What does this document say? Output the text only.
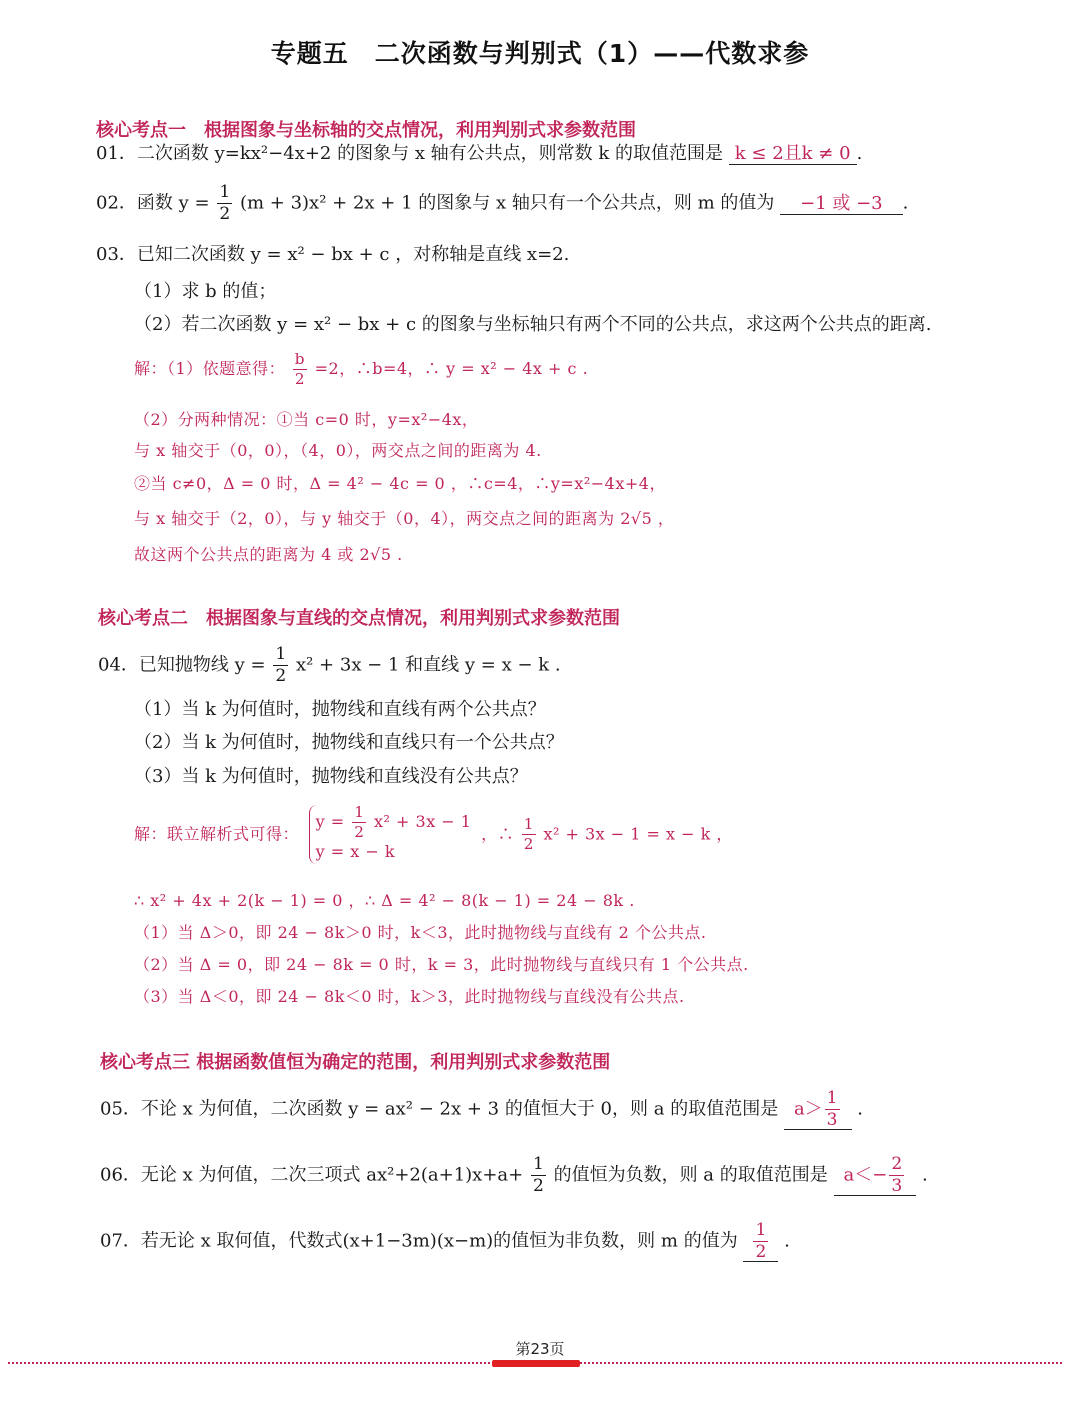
专题五　二次函数与判别式（1）——代数求参
核心考点一　根据图象与坐标轴的交点情况，利用判别式求参数范围
01．二次函数 y=kx²−4x+2 的图象与 x 轴有公共点，则常数 k 的取值范围是 k ≤ 2且k ≠ 0 .
02．函数 $y = \frac{1}{2} (m + 3)x^2 + 2x + 1$ 的图象与 x 轴只有一个公共点，则 m 的值为 −1 或 −3 .
03．已知二次函数 y = x² − bx + c ，对称轴是直线 x=2.
（1）求 b 的值；
（2）若二次函数 y = x² − bx + c 的图象与坐标轴只有两个不同的公共点，求这两个公共点的距离.
解：（1）依题意得： $\frac{b}{2} =2$，∴b=4，∴ y = x² − 4x + c .
（2）分两种情况：①当 c=0 时，y=x²−4x，
与 x 轴交于（0，0），（4，0），两交点之间的距离为 4.
②当 c≠0，Δ = 0 时，Δ = 4² − 4c = 0 ，∴c=4，∴y=x²−4x+4，
与 x 轴交于（2，0），与 y 轴交于（0，4），两交点之间的距离为 2√5 ，
故这两个公共点的距离为 4 或 2√5 .
核心考点二　根据图象与直线的交点情况，利用判别式求参数范围
04．已知抛物线 $y = \frac{1}{2} x^2 + 3x - 1$ 和直线 y = x − k .
（1）当 k 为何值时，抛物线和直线有两个公共点？
（2）当 k 为何值时，抛物线和直线只有一个公共点？
（3）当 k 为何值时，抛物线和直线没有公共点？
解：联立解析式可得：
$y = \frac{1}{2} x^2 + 3x - 1$
y = x − k
，∴ $\frac{1}{2} x^2 + 3x - 1 = x - k$ ，
∴ x² + 4x + 2(k − 1) = 0 ，∴ Δ = 4² − 8(k − 1) = 24 − 8k .
（1）当 Δ＞0，即 24 − 8k＞0 时，k＜3，此时抛物线与直线有 2 个公共点.
（2）当 Δ = 0，即 24 − 8k = 0 时，k = 3，此时抛物线与直线只有 1 个公共点.
（3）当 Δ＜0，即 24 − 8k＜0 时，k＞3，此时抛物线与直线没有公共点.
核心考点三 根据函数值恒为确定的范围，利用判别式求参数范围
05．不论 x 为何值，二次函数 y = ax² − 2x + 3 的值恒大于 0，则 a 的取值范围是 $a> \frac{1}{3}$ .
06．无论 x 为何值，二次三项式 $ax^2+2(a+1)x+a+ \frac{1}{2}$ 的值恒为负数，则 a 的取值范围是 $a<- \frac{2}{3}$ .
07．若无论 x 取何值，代数式(x+1−3m)(x−m)的值恒为非负数，则 m 的值为 $\frac{1}{2}$ .
第23页
